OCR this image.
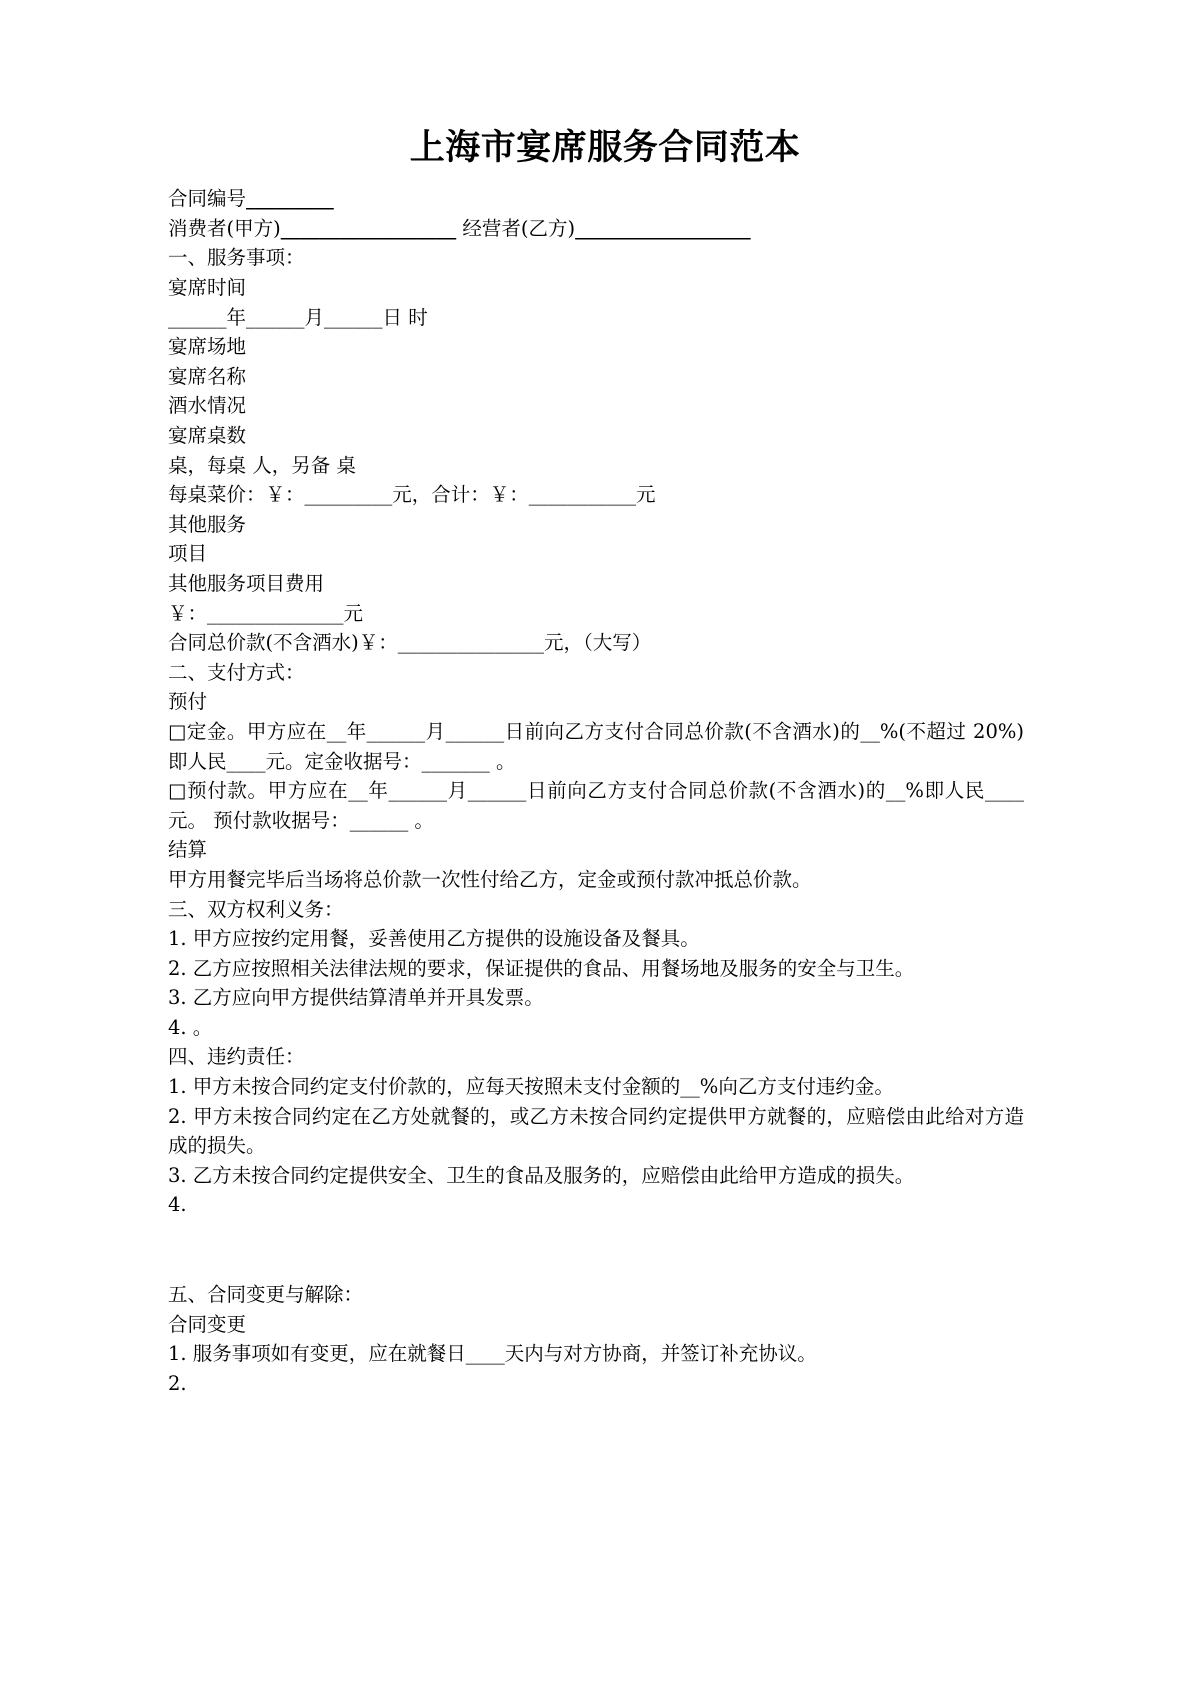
上海市宴席服务合同范本

合同编号_________

消费者(甲方)__________________ 经营者(乙方)__________________

一、服务事项：

宴席时间

______年______月______日 时

宴席场地

宴席名称

酒水情况

宴席桌数

桌，每桌 人，另备 桌

每桌菜价：￥：_________元，合计：￥：___________元

其他服务

项目

其他服务项目费用

￥：______________元

合同总价款(不含酒水)￥：_______________元，（大写）

二、支付方式：

预付

□定金。甲方应在__年______月______日前向乙方支付合同总价款(不含酒水)的__%(不超过 20%)即人民____元。定金收据号：_______ 。

□预付款。甲方应在__年______月______日前向乙方支付合同总价款(不含酒水)的__%即人民____元。 预付款收据号：______ 。

结算

甲方用餐完毕后当场将总价款一次性付给乙方，定金或预付款冲抵总价款。

三、双方权利义务：

1. 甲方应按约定用餐，妥善使用乙方提供的设施设备及餐具。

2. 乙方应按照相关法律法规的要求，保证提供的食品、用餐场地及服务的安全与卫生。

3. 乙方应向甲方提供结算清单并开具发票。

4. 。

四、违约责任：

1. 甲方未按合同约定支付价款的，应每天按照未支付金额的__%向乙方支付违约金。

2. 甲方未按合同约定在乙方处就餐的，或乙方未按合同约定提供甲方就餐的，应赔偿由此给对方造成的损失。

3. 乙方未按合同约定提供安全、卫生的食品及服务的，应赔偿由此给甲方造成的损失。

4.

五、合同变更与解除：

合同变更

1. 服务事项如有变更，应在就餐日____天内与对方协商，并签订补充协议。

2.
